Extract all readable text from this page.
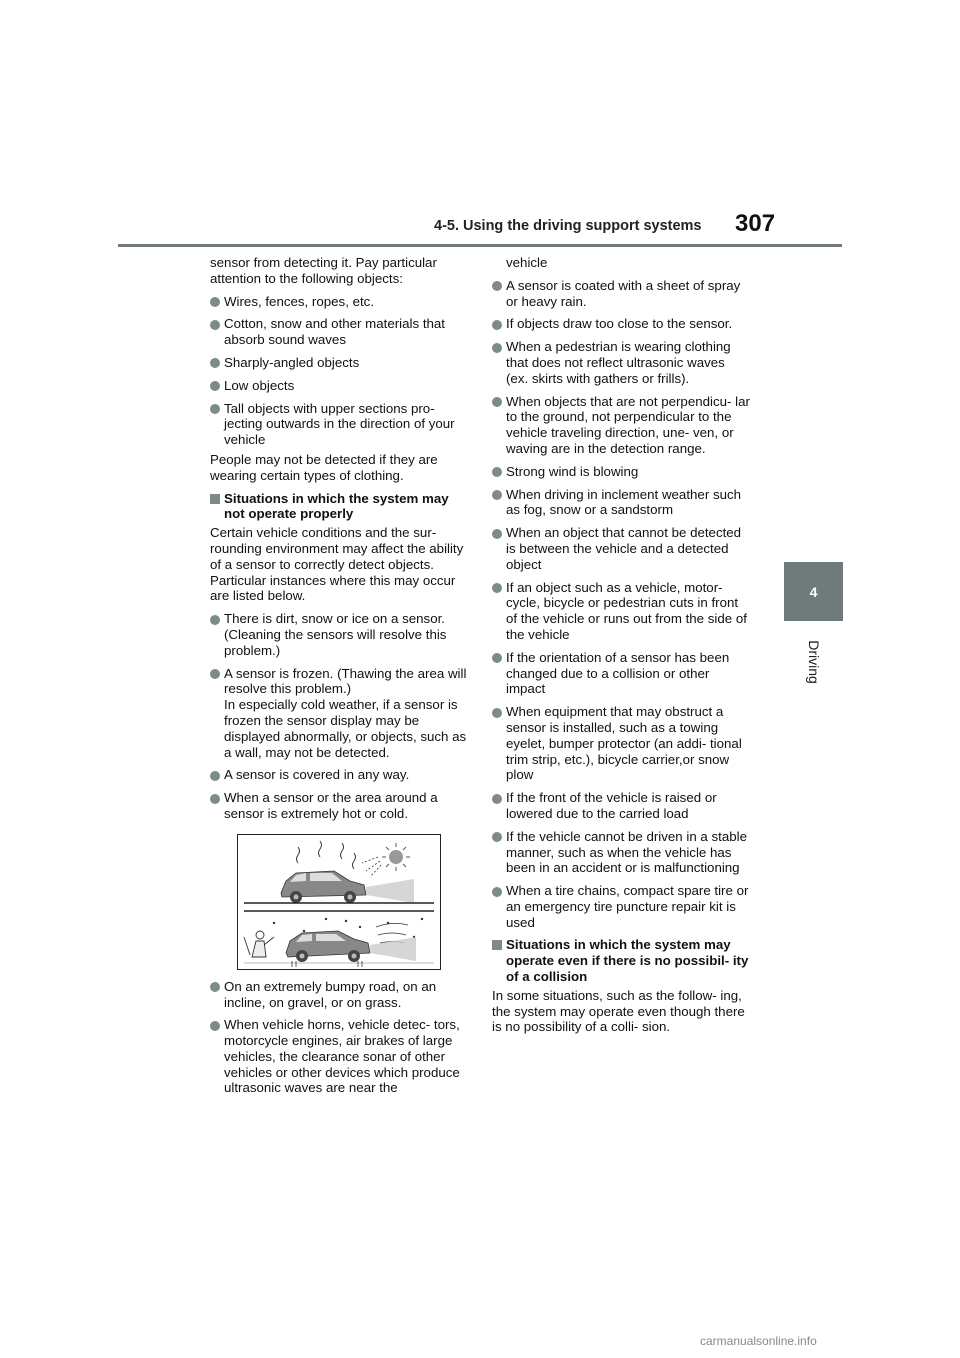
4-5. Using the driving support systems 307
4
Driving

sensor from detecting it. Pay particular attention to the following objects:

Wires, fences, ropes, etc.
Cotton, snow and other materials that absorb sound waves
Sharply-angled objects
Low objects
Tall objects with upper sections pro- jecting outwards in the direction of your vehicle

People may not be detected if they are wearing certain types of clothing.

Situations in which the system may not operate properly

Certain vehicle conditions and the sur- rounding environment may affect the ability of a sensor to correctly detect objects. Particular instances where this may occur are listed below.

There is dirt, snow or ice on a sensor. (Cleaning the sensors will resolve this problem.)
A sensor is frozen. (Thawing the area will resolve this problem.)
In especially cold weather, if a sensor is frozen the sensor display may be displayed abnormally, or objects, such as a wall, may not be detected.
A sensor is covered in any way.
When a sensor or the area around a sensor is extremely hot or cold.
On an extremely bumpy road, on an incline, on gravel, or on grass.
When vehicle horns, vehicle detec- tors, motorcycle engines, air brakes of large vehicles, the clearance sonar of other vehicles or other devices which produce ultrasonic waves are near the

vehicle

A sensor is coated with a sheet of spray or heavy rain.
If objects draw too close to the sensor.
When a pedestrian is wearing clothing that does not reflect ultrasonic waves (ex. skirts with gathers or frills).
When objects that are not perpendicu- lar to the ground, not perpendicular to the vehicle traveling direction, une- ven, or waving are in the detection range.
Strong wind is blowing
When driving in inclement weather such as fog, snow or a sandstorm
When an object that cannot be detected is between the vehicle and a detected object
If an object such as a vehicle, motor- cycle, bicycle or pedestrian cuts in front of the vehicle or runs out from the side of the vehicle
If the orientation of a sensor has been changed due to a collision or other impact
When equipment that may obstruct a sensor is installed, such as a towing eyelet, bumper protector (an addi- tional trim strip, etc.), bicycle carrier,or snow plow
If the front of the vehicle is raised or lowered due to the carried load
If the vehicle cannot be driven in a stable manner, such as when the vehicle has been in an accident or is malfunctioning
When a tire chains, compact spare tire or an emergency tire puncture repair kit is used
Situations in which the system may operate even if there is no possibil- ity of a collision

In some situations, such as the follow- ing, the system may operate even though there is no possibility of a colli- sion.

carmanualsonline.info
